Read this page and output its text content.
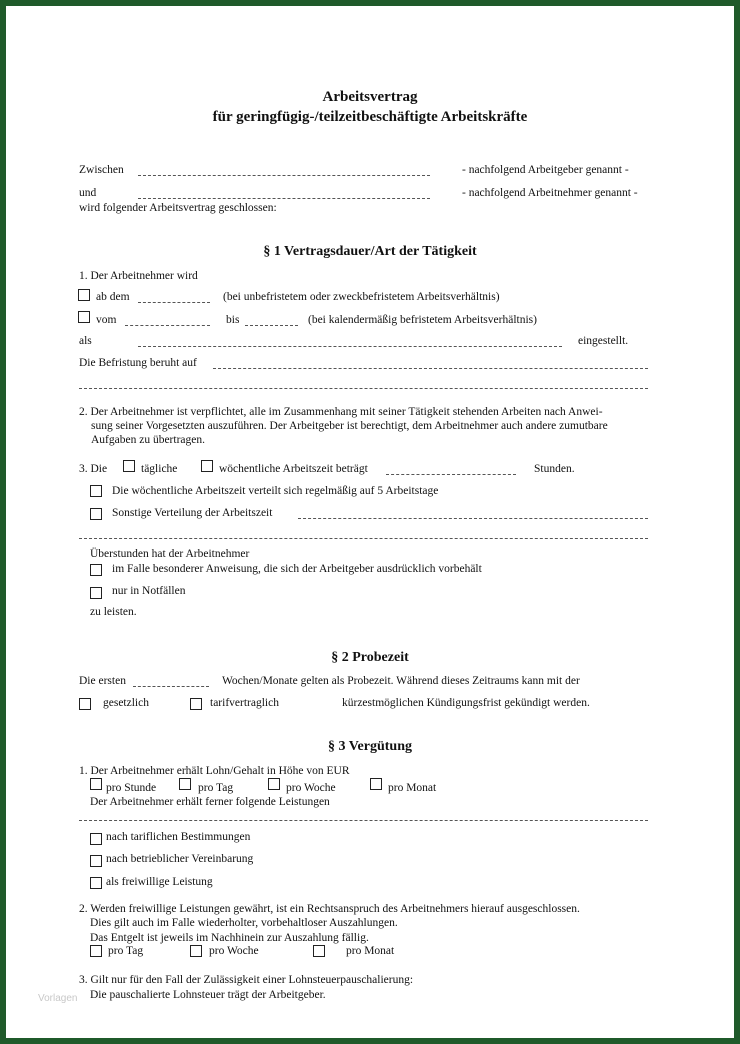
Arbeitsvertrag
für geringfügig-/teilzeitbeschäftigte Arbeitskräfte
Zwischen	- nachfolgend Arbeitgeber genannt -
und	- nachfolgend Arbeitnehmer genannt -
wird folgender Arbeitsvertrag geschlossen:
§ 1 Vertragsdauer/Art der Tätigkeit
1. Der Arbeitnehmer wird
ab dem	(bei unbefristetem oder zweckbefristetem Arbeitsverhältnis)
vom	bis	(bei kalendermäßig befristetem Arbeitsverhältnis)
als	eingestellt.
Die Befristung beruht auf
2. Der Arbeitnehmer ist verpflichtet, alle im Zusammenhang mit seiner Tätigkeit stehenden Arbeiten nach Anwei-
sung seiner Vorgesetzten auszuführen. Der Arbeitgeber ist berechtigt, dem Arbeitnehmer auch andere zumutbare
Aufgaben zu übertragen.
3. Die	tägliche	wöchentliche Arbeitszeit beträgt	Stunden.
Die wöchentliche Arbeitszeit verteilt sich regelmäßig auf 5 Arbeitstage
Sonstige Verteilung der Arbeitszeit
Überstunden hat der Arbeitnehmer
im Falle besonderer Anweisung, die sich der Arbeitgeber ausdrücklich vorbehält
nur in Notfällen
zu leisten.
§ 2 Probezeit
Die ersten	Wochen/Monate gelten als Probezeit. Während dieses Zeitraums kann mit der
gesetzlich	tarifvertraglich	kürzestmöglichen Kündigungsfrist gekündigt werden.
§ 3 Vergütung
1. Der Arbeitnehmer erhält Lohn/Gehalt in Höhe von EUR
pro Stunde	pro Tag	pro Woche	pro Monat
Der Arbeitnehmer erhält ferner folgende Leistungen
nach tariflichen Bestimmungen
nach betrieblicher Vereinbarung
als freiwillige Leistung
2. Werden freiwillige Leistungen gewährt, ist ein Rechtsanspruch des Arbeitnehmers hierauf ausgeschlossen.
Dies gilt auch im Falle wiederholter, vorbehaltloser Auszahlungen.
Das Entgelt ist jeweils im Nachhinein zur Auszahlung fällig.
pro Tag	pro Woche	pro Monat
3. Gilt nur für den Fall der Zulässigkeit einer Lohnsteuerpauschalierung:
Die pauschalierte Lohnsteuer trägt der Arbeitgeber.
Vorlagen
